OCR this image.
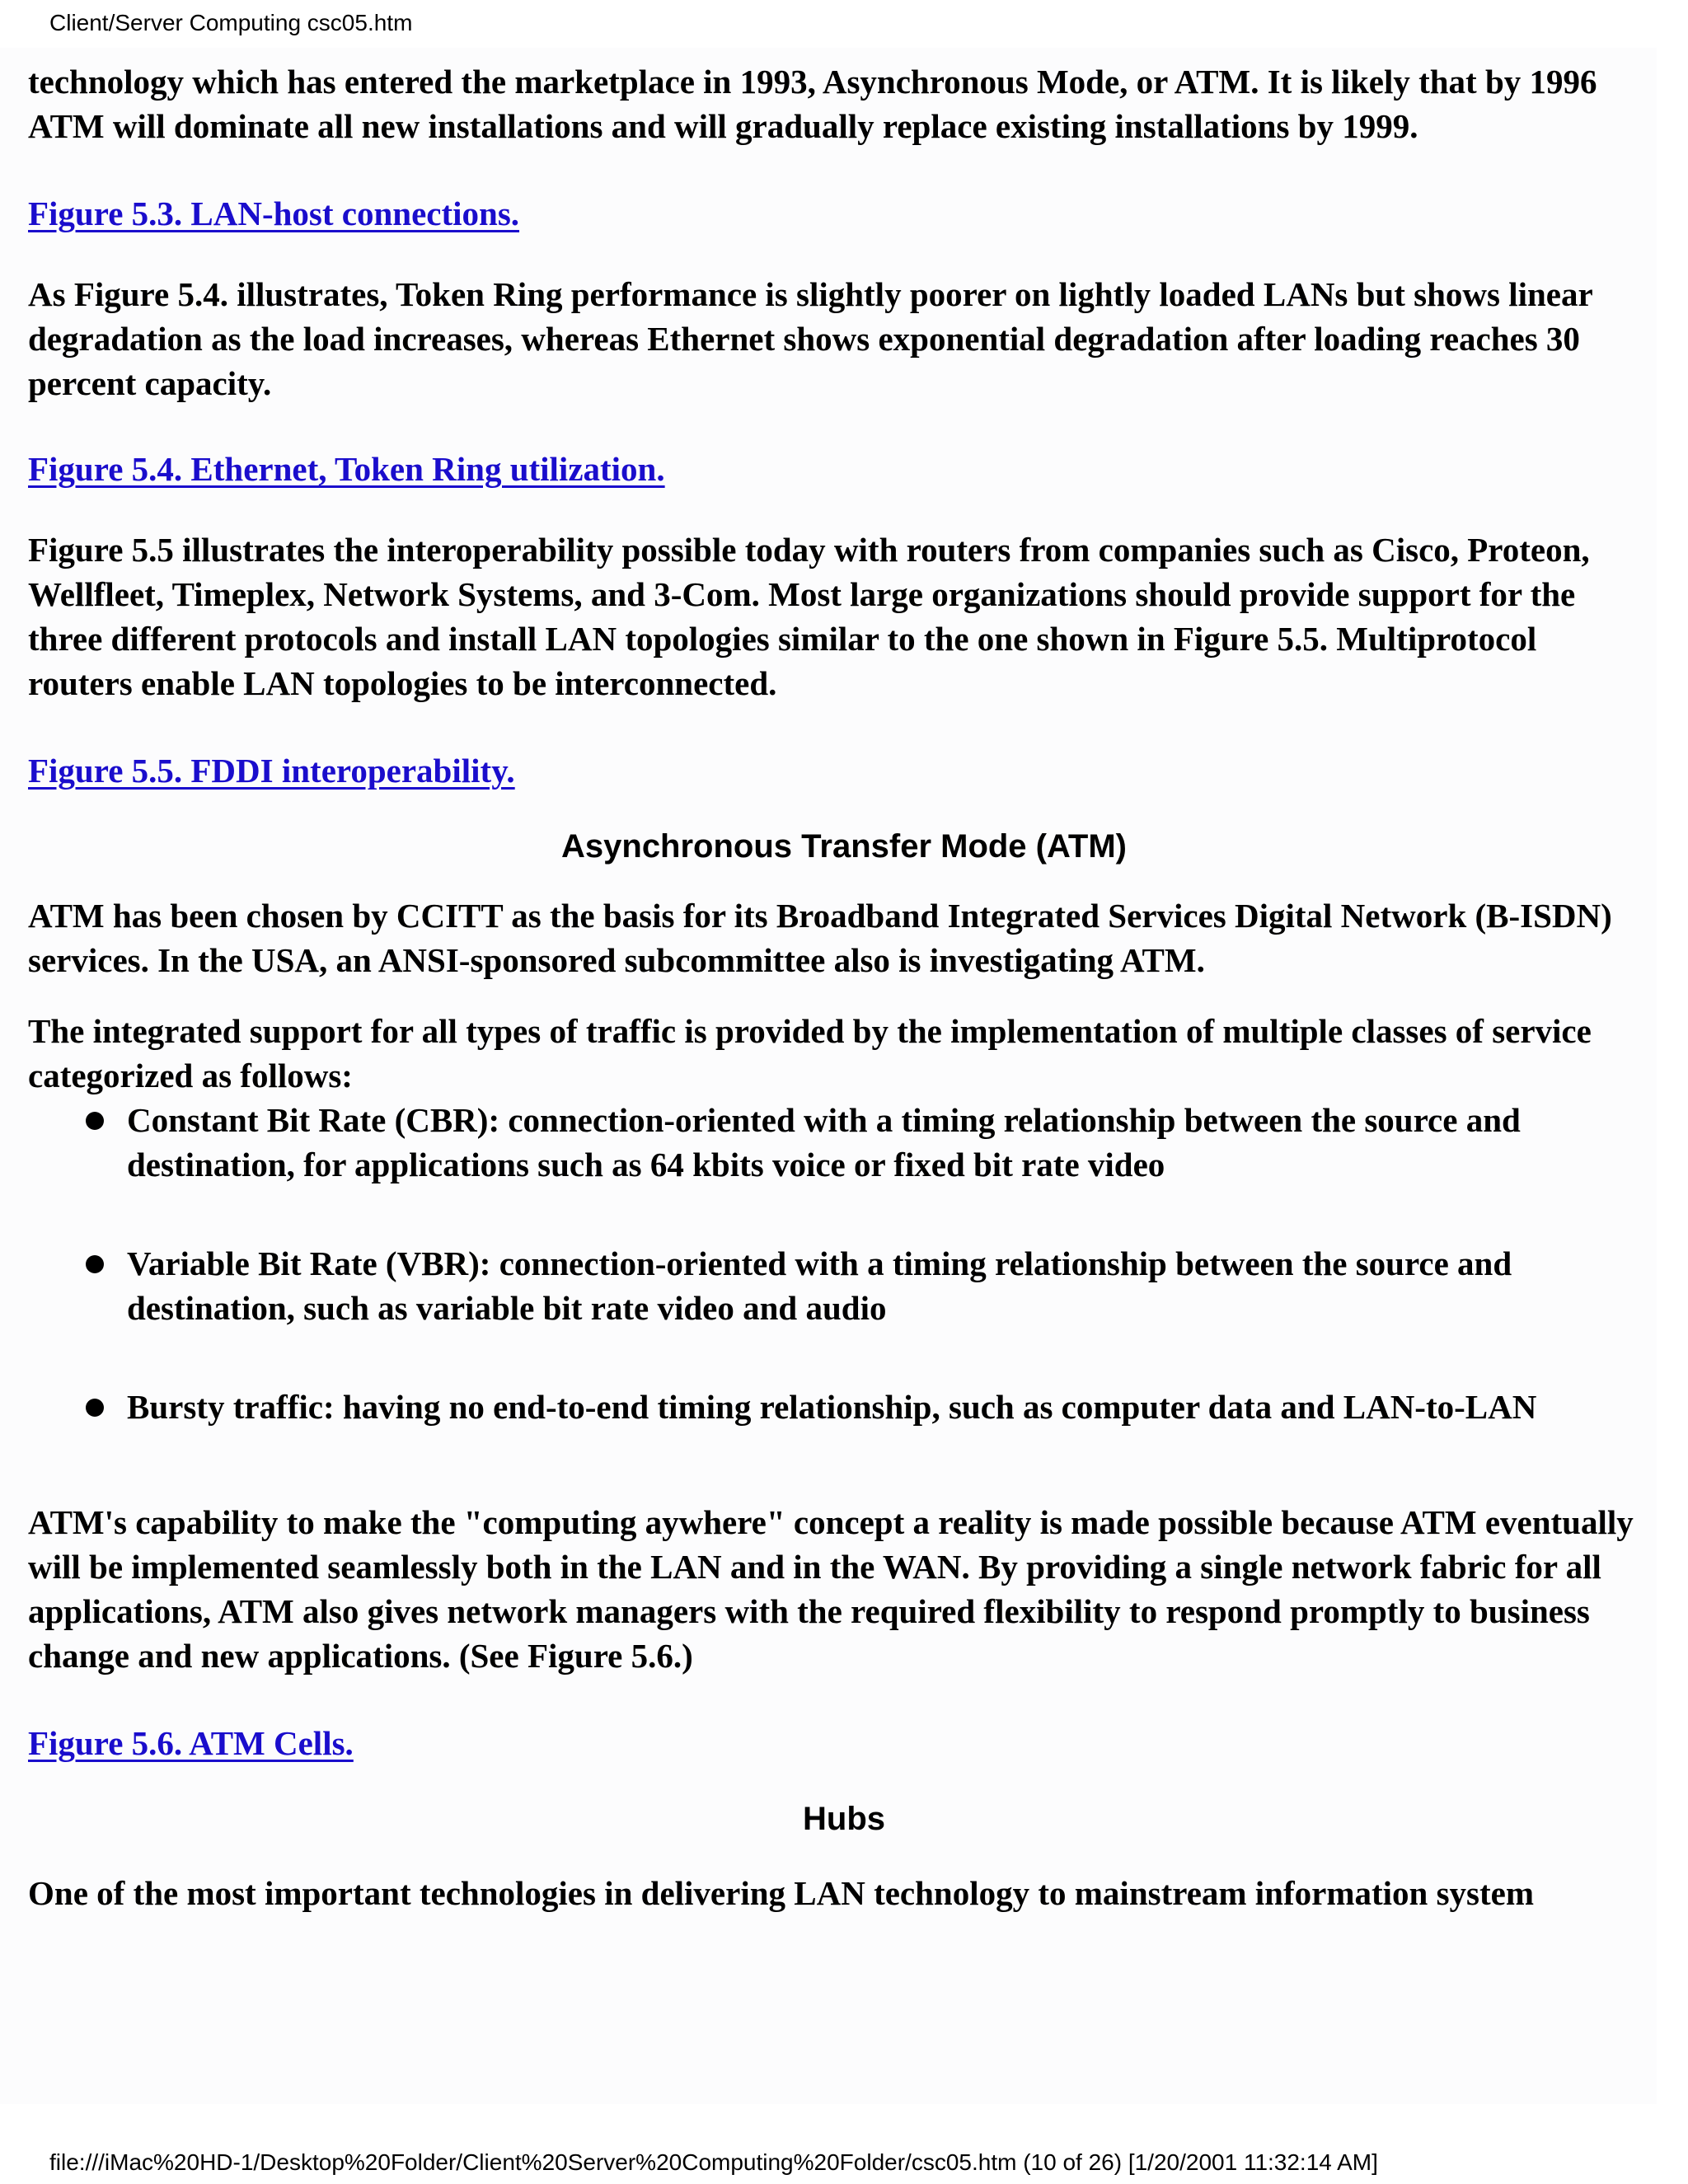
Client/Server Computing csc05.htm

technology which has entered the marketplace in 1993, Asynchronous Mode, or ATM. It is likely that by 1996 ATM will dominate all new installations and will gradually replace existing installations by 1999.

Figure 5.3. LAN-host connections.

As Figure 5.4. illustrates, Token Ring performance is slightly poorer on lightly loaded LANs but shows linear degradation as the load increases, whereas Ethernet shows exponential degradation after loading reaches 30 percent capacity.

Figure 5.4. Ethernet, Token Ring utilization.

Figure 5.5 illustrates the interoperability possible today with routers from companies such as Cisco, Proteon, Wellfleet, Timeplex, Network Systems, and 3-Com. Most large organizations should provide support for the three different protocols and install LAN topologies similar to the one shown in Figure 5.5. Multiprotocol routers enable LAN topologies to be interconnected.

Figure 5.5. FDDI interoperability.
Asynchronous Transfer Mode (ATM)

ATM has been chosen by CCITT as the basis for its Broadband Integrated Services Digital Network (B-ISDN) services. In the USA, an ANSI-sponsored subcommittee also is investigating ATM.

The integrated support for all types of traffic is provided by the implementation of multiple classes of service categorized as follows:

Constant Bit Rate (CBR): connection-oriented with a timing relationship between the source and destination, for applications such as 64 kbits voice or fixed bit rate video
Variable Bit Rate (VBR): connection-oriented with a timing relationship between the source and destination, such as variable bit rate video and audio
Bursty traffic: having no end-to-end timing relationship, such as computer data and LAN-to-LAN

ATM's capability to make the "computing aywhere" concept a reality is made possible because ATM eventually will be implemented seamlessly both in the LAN and in the WAN. By providing a single network fabric for all applications, ATM also gives network managers with the required flexibility to respond promptly to business change and new applications. (See Figure 5.6.)

Figure 5.6. ATM Cells.
Hubs

One of the most important technologies in delivering LAN technology to mainstream information system

file:///iMac%20HD-1/Desktop%20Folder/Client%20Server%20Computing%20Folder/csc05.htm (10 of 26) [1/20/2001 11:32:14 AM]
